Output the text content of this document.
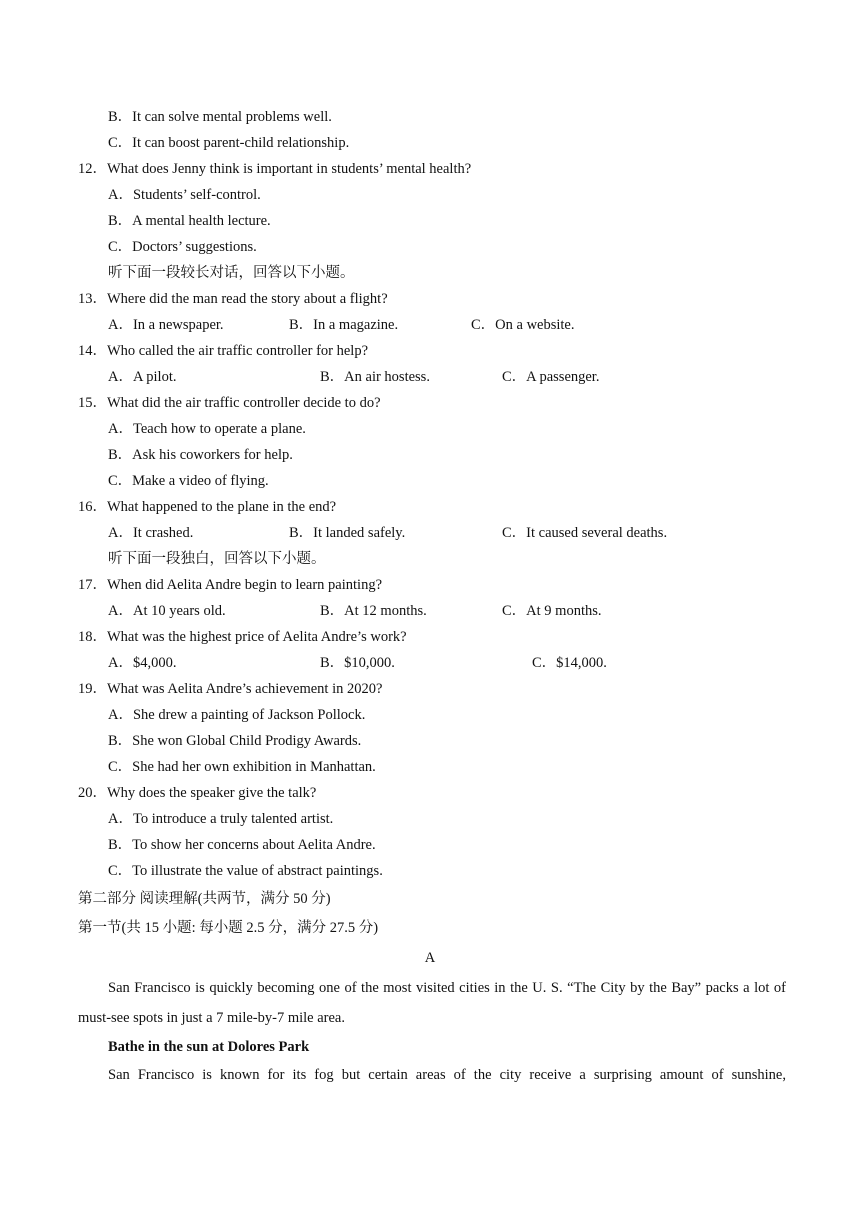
B．It can solve mental problems well.
C．It can boost parent-child relationship.
12．What does Jenny think is important in students’ mental health?
A．Students’ self-control.
B．A mental health lecture.
C．Doctors’ suggestions.
听下面一段较长对话，回答以下小题。
13．Where did the man read the story about a flight?
A．In a newspaper.	B．In a magazine.	C．On a website.
14．Who called the air traffic controller for help?
A．A pilot.	B．An air hostess.	C．A passenger.
15．What did the air traffic controller decide to do?
A．Teach how to operate a plane.
B．Ask his coworkers for help.
C．Make a video of flying.
16．What happened to the plane in the end?
A．It crashed.	B．It landed safely.	C．It caused several deaths.
听下面一段独白，回答以下小题。
17．When did Aelita Andre begin to learn painting?
A．At 10 years old.	B．At 12 months.	C．At 9 months.
18．What was the highest price of Aelita Andre’s work?
A．$4,000.	B．$10,000.	C．$14,000.
19．What was Aelita Andre’s achievement in 2020?
A．She drew a painting of Jackson Pollock.
B．She won Global Child Prodigy Awards.
C．She had her own exhibition in Manhattan.
20．Why does the speaker give the talk?
A．To introduce a truly talented artist.
B．To show her concerns about Aelita Andre.
C．To illustrate the value of abstract paintings.
第二部分 阅读理解(共两节，满分 50 分)
第一节(共 15 小题: 每小题 2.5 分，满分 27.5 分)
A
San Francisco is quickly becoming one of the most visited cities in the U. S. “The City by the Bay” packs a lot of must-see spots in just a 7 mile-by-7 mile area.
Bathe in the sun at Dolores Park
San Francisco is known for its fog but certain areas of the city receive a surprising amount of sunshine,
